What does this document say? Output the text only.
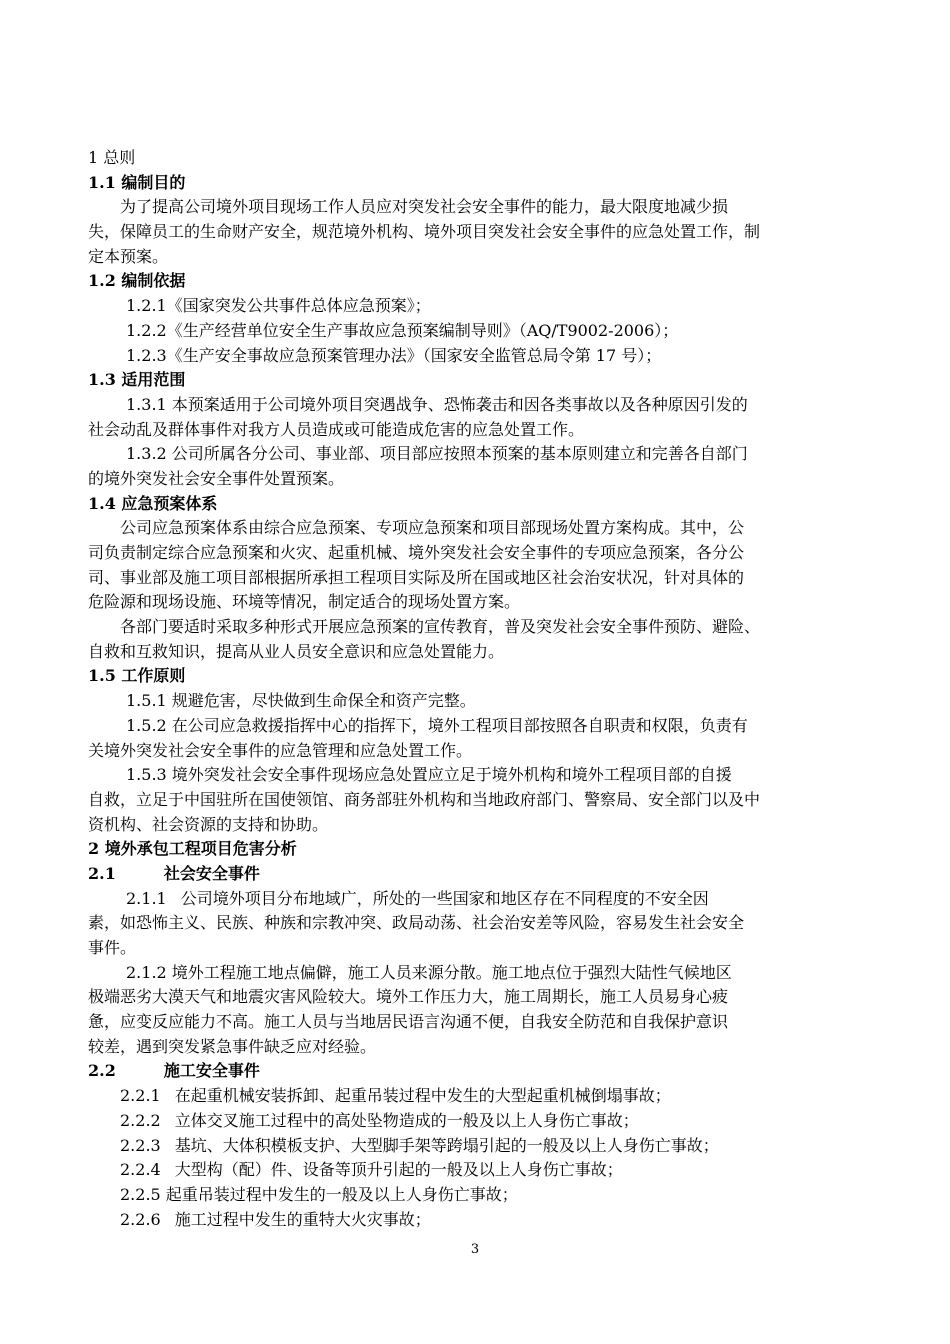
1 总则
1.1 编制目的
为了提高公司境外项目现场工作人员应对突发社会安全事件的能力，最大限度地减少损
失，保障员工的生命财产安全，规范境外机构、境外项目突发社会安全事件的应急处置工作，制
定本预案。
1.2 编制依据
1.2.1《国家突发公共事件总体应急预案》；
1.2.2《生产经营单位安全生产事故应急预案编制导则》（AQ/T9002-2006）；
1.2.3《生产安全事故应急预案管理办法》（国家安全监管总局令第 17 号）；
1.3 适用范围
1.3.1 本预案适用于公司境外项目突遇战争、恐怖袭击和因各类事故以及各种原因引发的
社会动乱及群体事件对我方人员造成或可能造成危害的应急处置工作。
1.3.2 公司所属各分公司、事业部、项目部应按照本预案的基本原则建立和完善各自部门
的境外突发社会安全事件处置预案。
1.4 应急预案体系
公司应急预案体系由综合应急预案、专项应急预案和项目部现场处置方案构成。其中，公
司负责制定综合应急预案和火灾、起重机械、境外突发社会安全事件的专项应急预案，各分公
司、事业部及施工项目部根据所承担工程项目实际及所在国或地区社会治安状况，针对具体的
危险源和现场设施、环境等情况，制定适合的现场处置方案。
各部门要适时采取多种形式开展应急预案的宣传教育，普及突发社会安全事件预防、避险、
自救和互救知识，提高从业人员安全意识和应急处置能力。
1.5 工作原则
1.5.1 规避危害，尽快做到生命保全和资产完整。
1.5.2 在公司应急救援指挥中心的指挥下，境外工程项目部按照各自职责和权限，负责有
关境外突发社会安全事件的应急管理和应急处置工作。
1.5.3 境外突发社会安全事件现场应急处置应立足于境外机构和境外工程项目部的自援
自救，立足于中国驻所在国使领馆、商务部驻外机构和当地政府部门、警察局、安全部门以及中
资机构、社会资源的支持和协助。
2 境外承包工程项目危害分析
2.1	社会安全事件
2.1.1 公司境外项目分布地域广，所处的一些国家和地区存在不同程度的不安全因
素，如恐怖主义、民族、种族和宗教冲突、政局动荡、社会治安差等风险，容易发生社会安全
事件。
2.1.2 境外工程施工地点偏僻，施工人员来源分散。施工地点位于强烈大陆性气候地区
极端恶劣大漠天气和地震灾害风险较大。境外工作压力大，施工周期长，施工人员易身心疲
惫，应变反应能力不高。施工人员与当地居民语言沟通不便，自我安全防范和自我保护意识
较差，遇到突发紧急事件缺乏应对经验。
2.2	施工安全事件
2.2.1 在起重机械安装拆卸、起重吊装过程中发生的大型起重机械倒塌事故；
2.2.2 立体交叉施工过程中的高处坠物造成的一般及以上人身伤亡事故；
2.2.3 基坑、大体积模板支护、大型脚手架等跨塌引起的一般及以上人身伤亡事故；
2.2.4 大型构（配）件、设备等顶升引起的一般及以上人身伤亡事故；
2.2.5 起重吊装过程中发生的一般及以上人身伤亡事故；
2.2.6 施工过程中发生的重特大火灾事故；
3
